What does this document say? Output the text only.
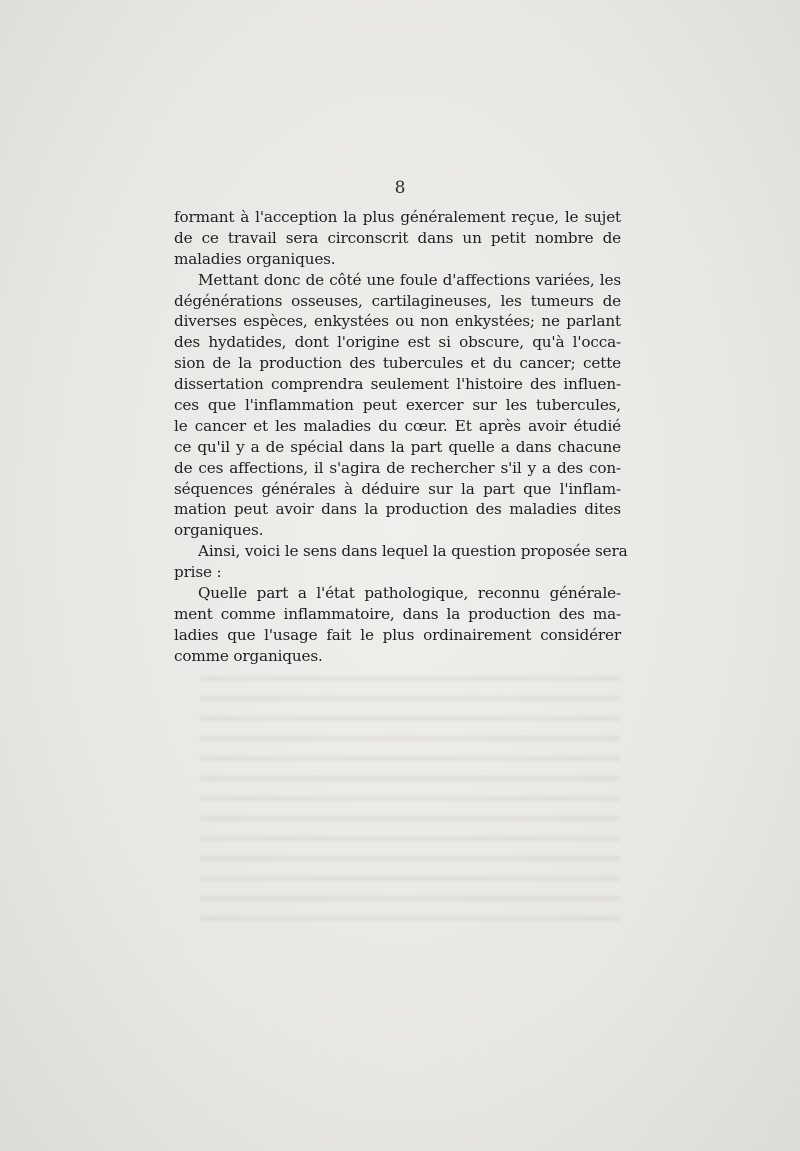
8
formant à l'acception la plus généralement reçue, le sujet
de ce travail sera circonscrit dans un petit nombre de
maladies organiques.
Mettant donc de côté une foule d'affections variées, les
dégénérations osseuses, cartilagineuses, les tumeurs de
diverses espèces, enkystées ou non enkystées; ne parlant
des hydatides, dont l'origine est si obscure, qu'à l'occa-
sion de la production des tubercules et du cancer; cette
dissertation comprendra seulement l'histoire des influen-
ces que l'inflammation peut exercer sur les tubercules,
le cancer et les maladies du cœur. Et après avoir étudié
ce qu'il y a de spécial dans la part quelle a dans chacune
de ces affections, il s'agira de rechercher s'il y a des con-
séquences générales à déduire sur la part que l'inflam-
mation peut avoir dans la production des maladies dites
organiques.
Ainsi, voici le sens dans lequel la question proposée sera
prise :
Quelle part a l'état pathologique, reconnu générale-
ment comme inflammatoire, dans la production des ma-
ladies que l'usage fait le plus ordinairement considérer
comme organiques.
